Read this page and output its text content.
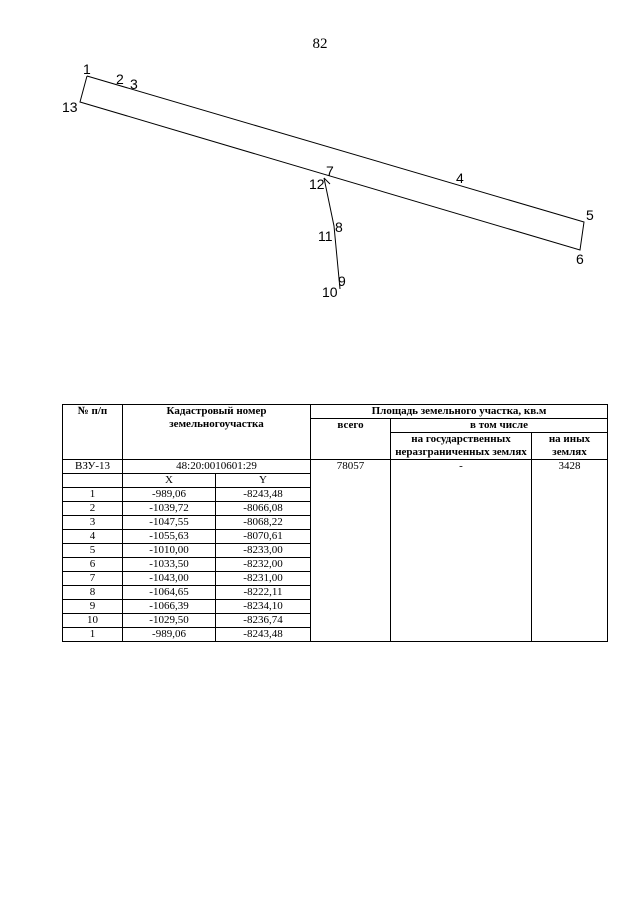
82
1
2 3
4
5
6
7
8
9
10
11
12
13
№ п/п	Кадастровый номер земельногоучастка		Площадь земельного участка, кв.м		
			всего	в том числе	
				на государственных неразграниченных землях	на иных землях
ВЗУ-13	48:20:0010601:29		78057	-	3428
	X	Y			
1	-989,06	-8243,48			
2	-1039,72	-8066,08			
3	-1047,55	-8068,22			
4	-1055,63	-8070,61			
5	-1010,00	-8233,00			
6	-1033,50	-8232,00			
7	-1043,00	-8231,00			
8	-1064,65	-8222,11			
9	-1066,39	-8234,10			
10	-1029,50	-8236,74			
1	-989,06	-8243,48			
